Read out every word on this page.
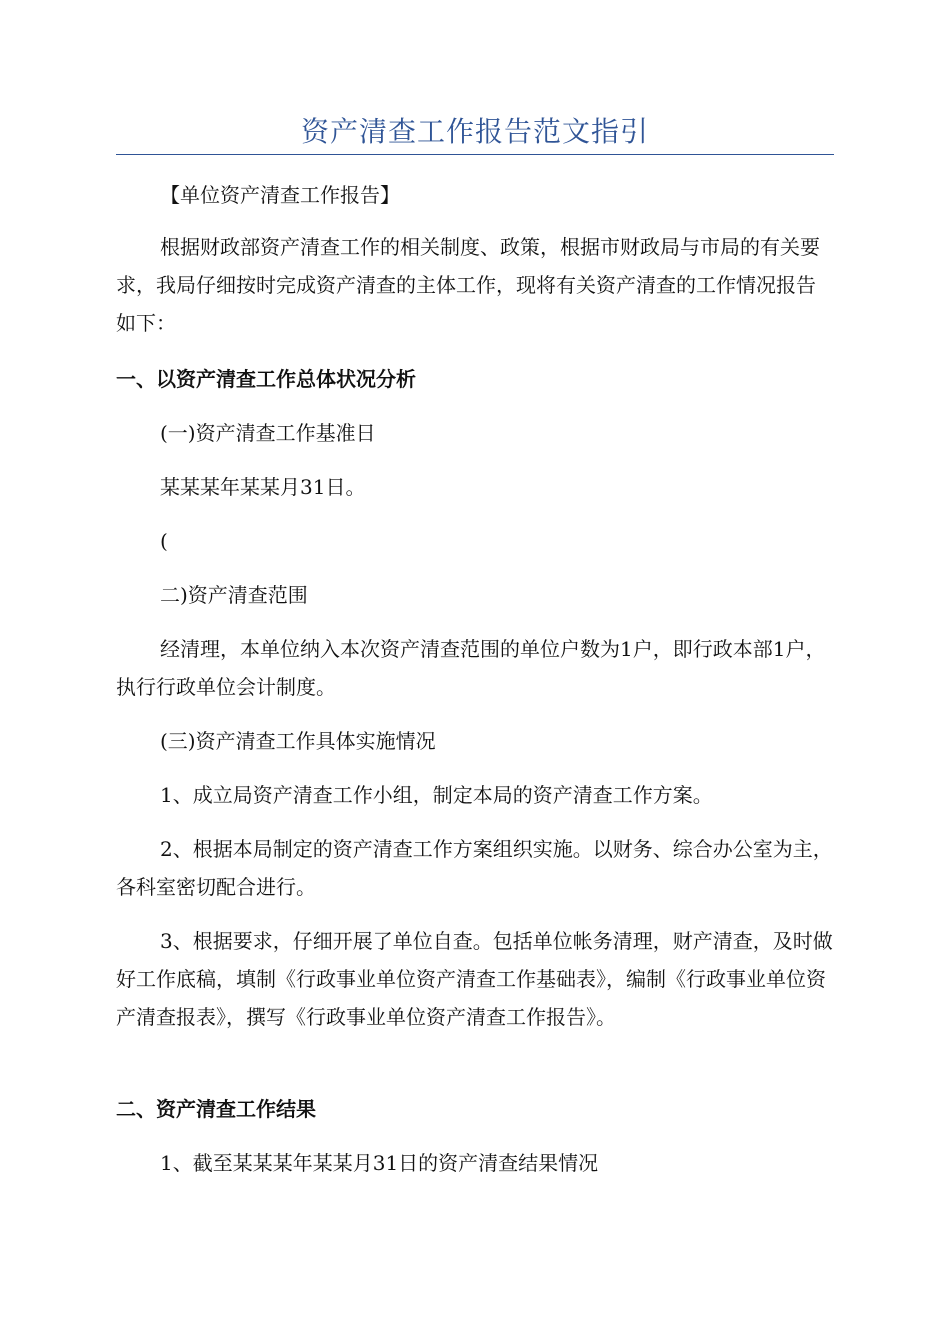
资产清查工作报告范文指引

【单位资产清查工作报告】

根据财政部资产清查工作的相关制度、政策，根据市财政局与市局的有关要求，我局仔细按时完成资产清查的主体工作，现将有关资产清查的工作情况报告如下：

一、以资产清查工作总体状况分析

(一)资产清查工作基准日

某某某年某某月31日。

(

二)资产清查范围

经清理，本单位纳入本次资产清查范围的单位户数为1户，即行政本部1户，执行行政单位会计制度。

(三)资产清查工作具体实施情况

1、成立局资产清查工作小组，制定本局的资产清查工作方案。

2、根据本局制定的资产清查工作方案组织实施。以财务、综合办公室为主，各科室密切配合进行。

3、根据要求，仔细开展了单位自查。包括单位帐务清理，财产清查，及时做好工作底稿，填制《行政事业单位资产清查工作基础表》，编制《行政事业单位资产清查报表》，撰写《行政事业单位资产清查工作报告》。

二、资产清查工作结果

1、截至某某某年某某月31日的资产清查结果情况
